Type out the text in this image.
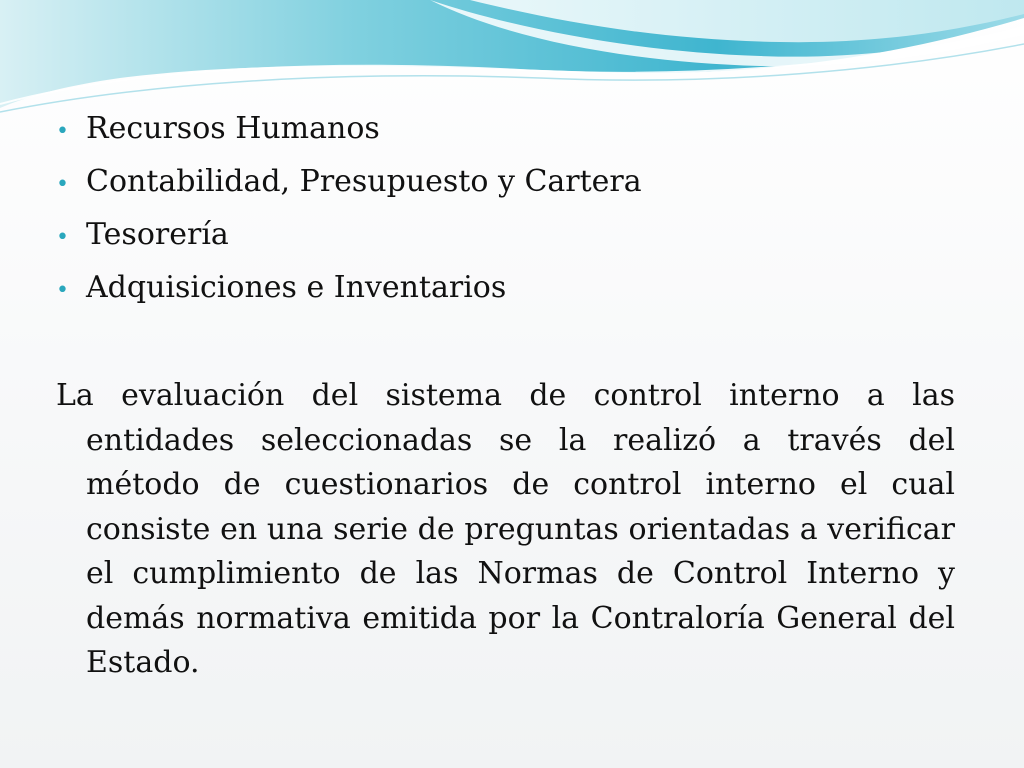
• Recursos Humanos
• Contabilidad, Presupuesto y Cartera
• Tesorería
• Adquisiciones e Inventarios

La evaluación del sistema de control interno a las entidades seleccionadas se la realizó a través del método de cuestionarios de control interno el cual consiste en una serie de preguntas orientadas a verificar el cumplimiento de las Normas de Control Interno y demás normativa emitida por la Contraloría General del Estado.
